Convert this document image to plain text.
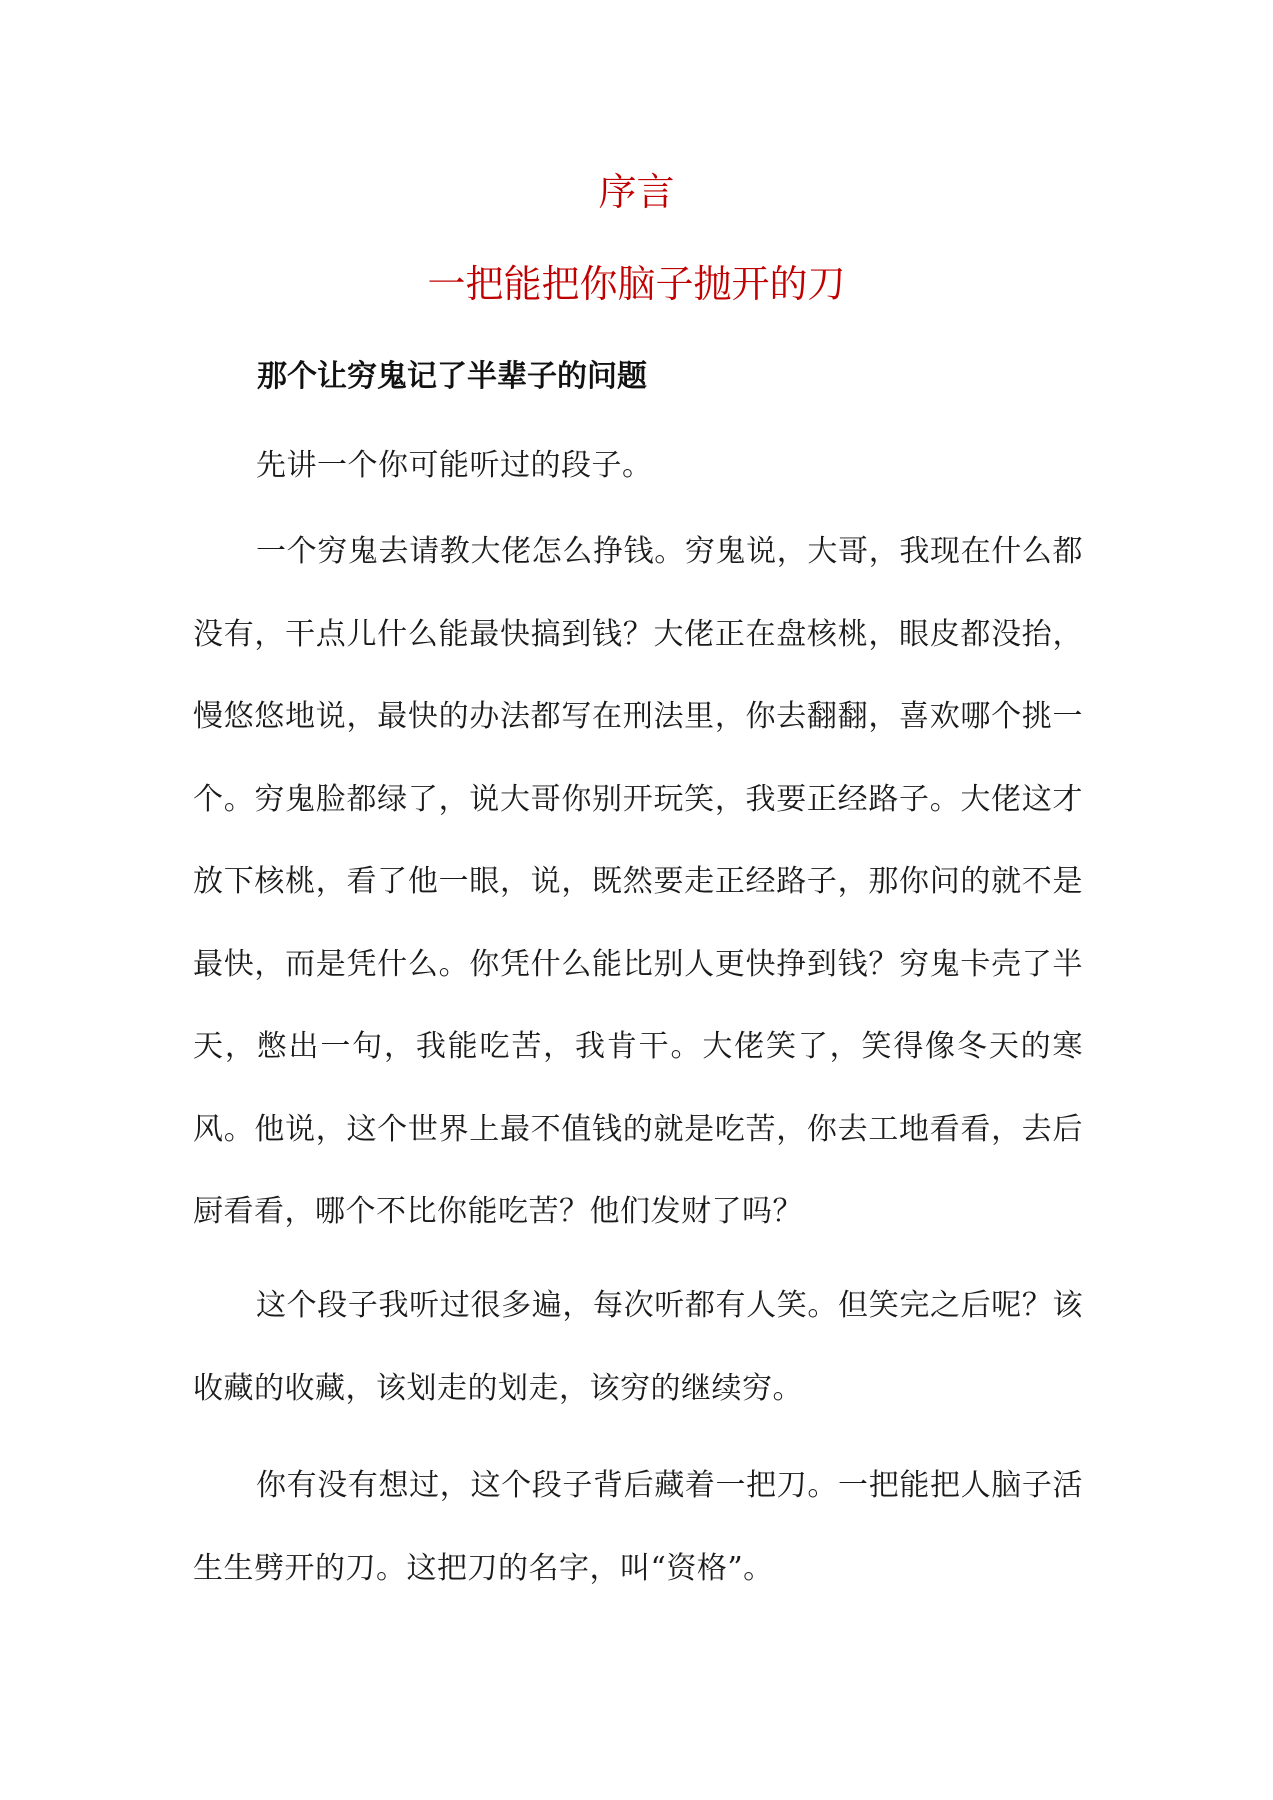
序言
一把能把你脑子抛开的刀
那个让穷鬼记了半辈子的问题

先讲一个你可能听过的段子。

一个穷鬼去请教大佬怎么挣钱。穷鬼说，大哥，我现在什么都没有，干点儿什么能最快搞到钱？大佬正在盘核桃，眼皮都没抬，慢悠悠地说，最快的办法都写在刑法里，你去翻翻，喜欢哪个挑一个。穷鬼脸都绿了，说大哥你别开玩笑，我要正经路子。大佬这才放下核桃，看了他一眼，说，既然要走正经路子，那你问的就不是最快，而是凭什么。你凭什么能比别人更快挣到钱？穷鬼卡壳了半天，憋出一句，我能吃苦，我肯干。大佬笑了，笑得像冬天的寒风。他说，这个世界上最不值钱的就是吃苦，你去工地看看，去后厨看看，哪个不比你能吃苦？他们发财了吗？

这个段子我听过很多遍，每次听都有人笑。但笑完之后呢？该收藏的收藏，该划走的划走，该穷的继续穷。

你有没有想过，这个段子背后藏着一把刀。一把能把人脑子活生生劈开的刀。这把刀的名字，叫“资格”。
